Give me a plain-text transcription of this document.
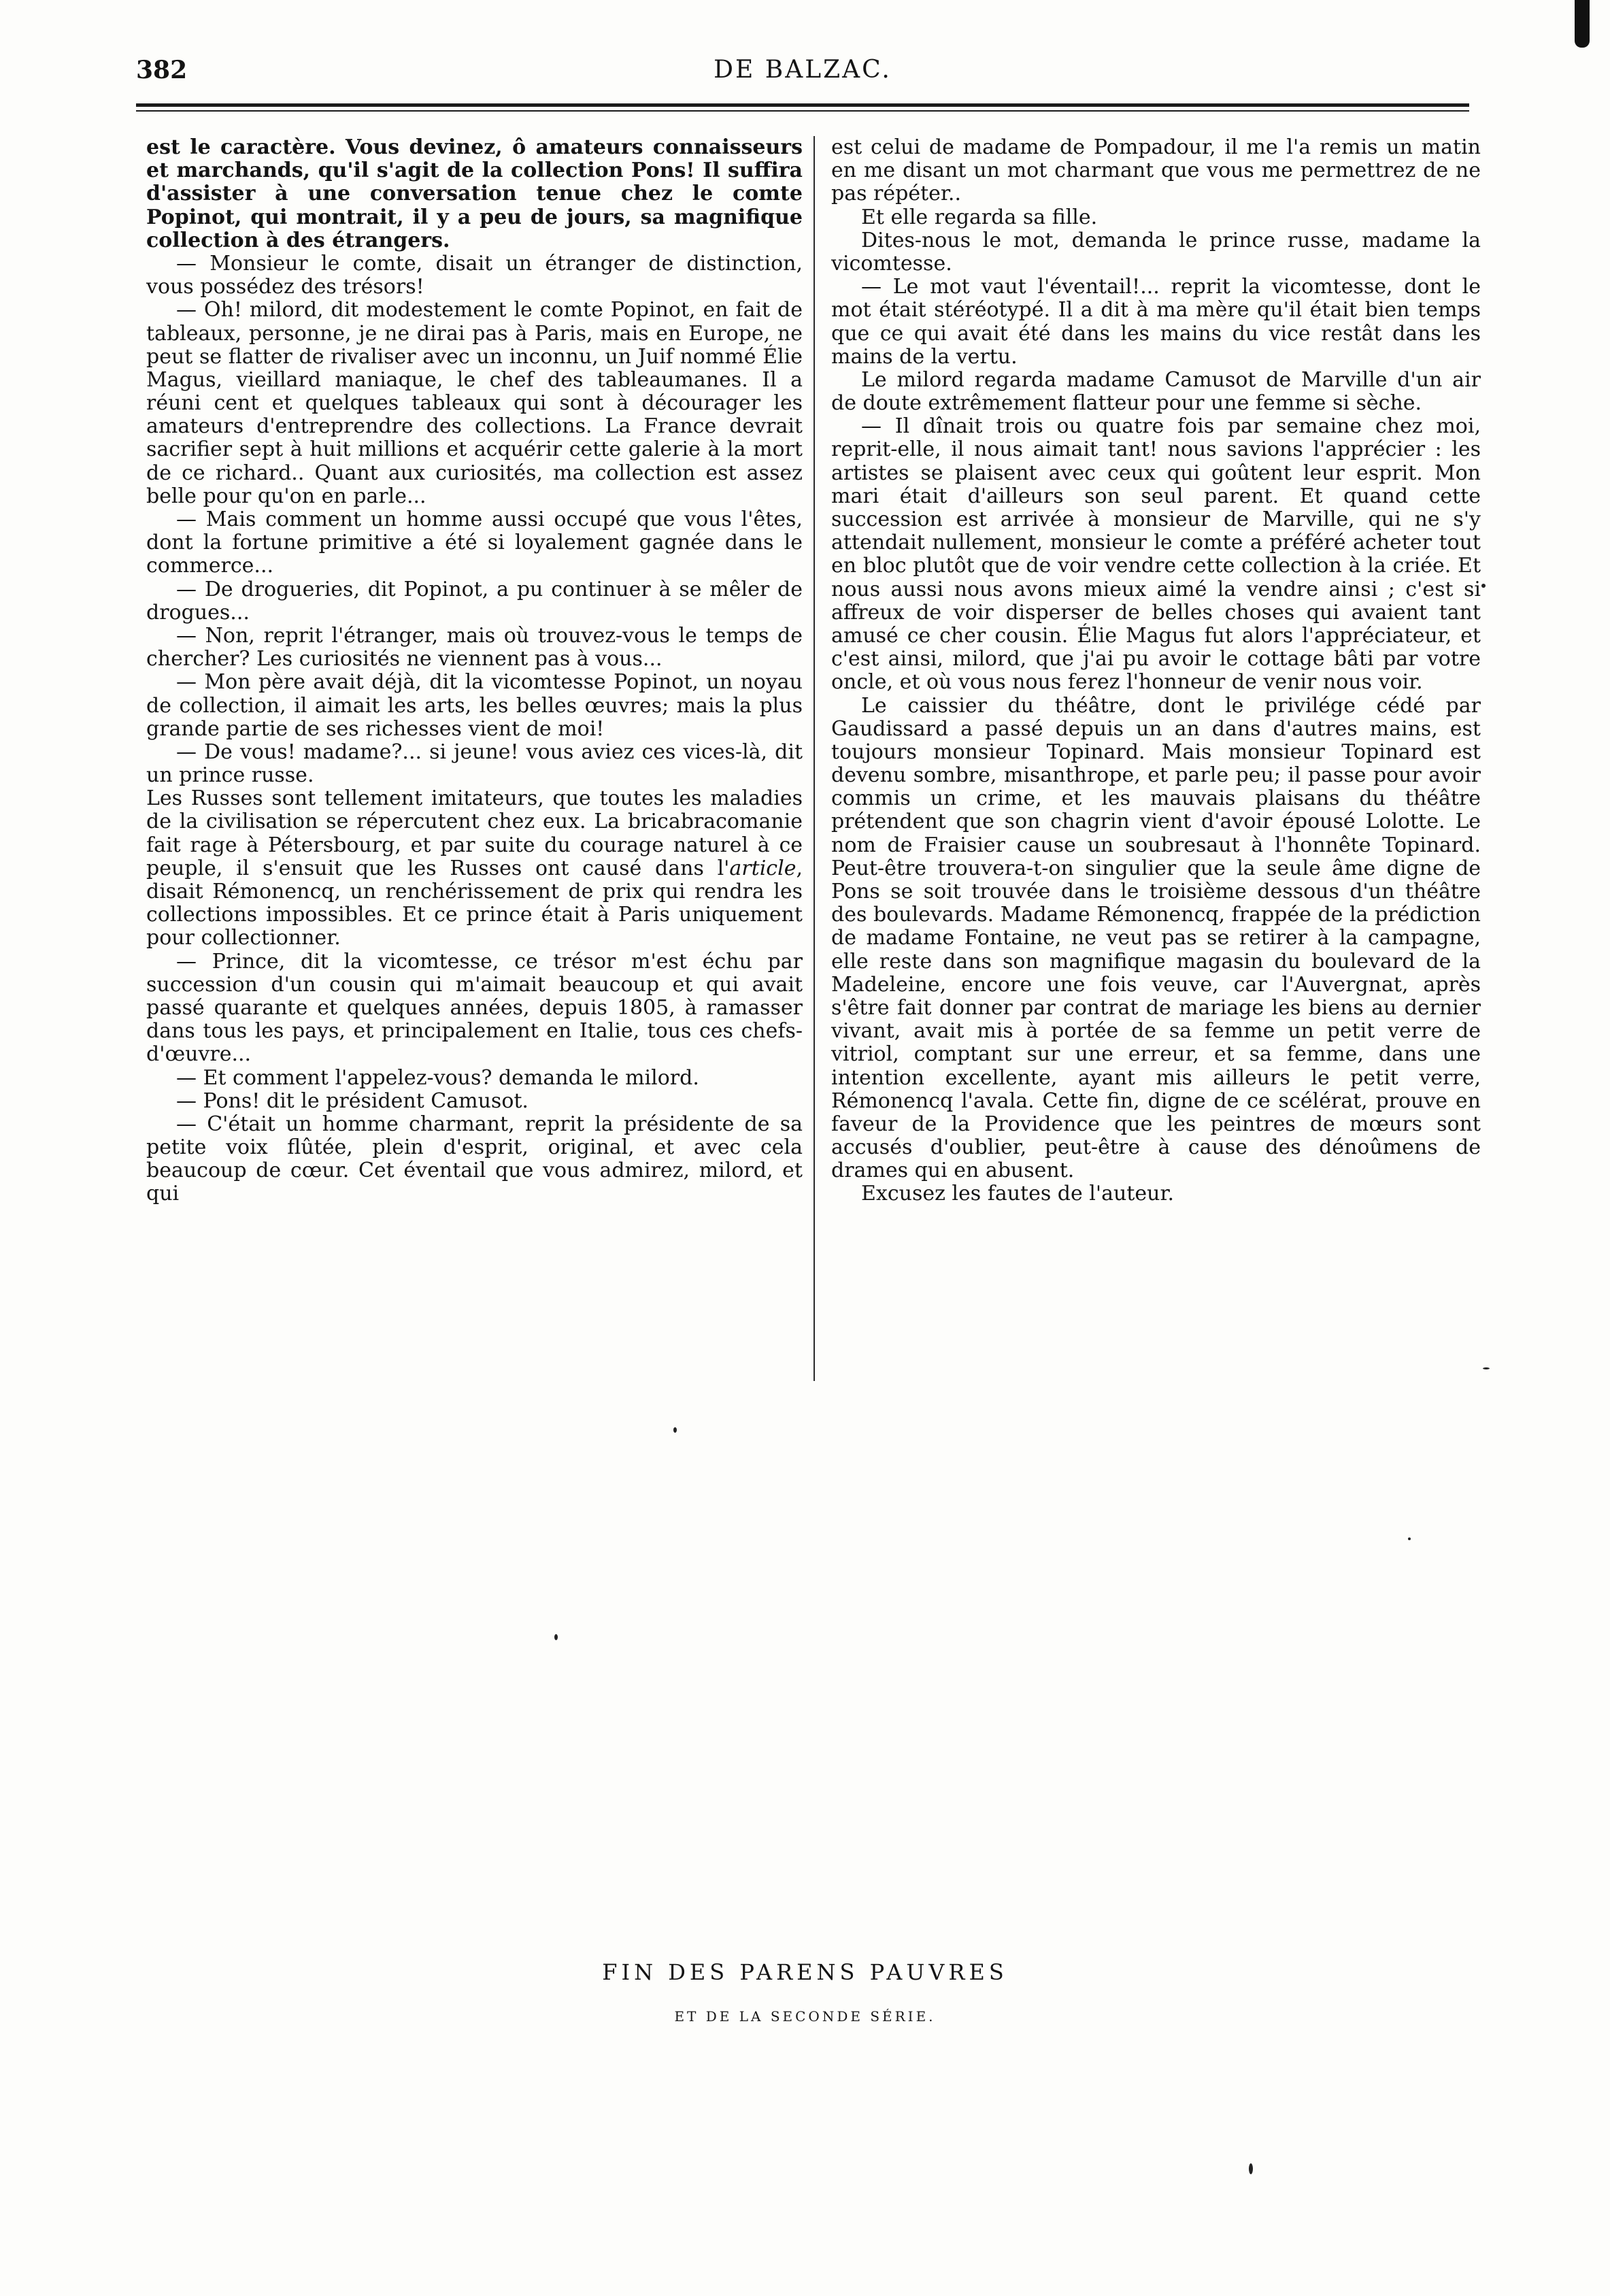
382	DE BALZAC.

est le caractère. Vous devinez, ô amateurs connaisseurs et marchands, qu'il s'agit de la collection Pons! Il suffira d'assister à une conversation tenue chez le comte Popinot, qui montrait, il y a peu de jours, sa magnifique collection à des étrangers.

— Monsieur le comte, disait un étranger de distinction, vous possédez des trésors!

— Oh! milord, dit modestement le comte Popinot, en fait de tableaux, personne, je ne dirai pas à Paris, mais en Europe, ne peut se flatter de rivaliser avec un inconnu, un Juif nommé Élie Magus, vieillard maniaque, le chef des tableaumanes. Il a réuni cent et quelques tableaux qui sont à décourager les amateurs d'entreprendre des collections. La France devrait sacrifier sept à huit millions et acquérir cette galerie à la mort de ce richard.. Quant aux curiosités, ma collection est assez belle pour qu'on en parle...

— Mais comment un homme aussi occupé que vous l'êtes, dont la fortune primitive a été si loyalement gagnée dans le commerce...

— De drogueries, dit Popinot, a pu continuer à se mêler de drogues...

— Non, reprit l'étranger, mais où trouvez-vous le temps de chercher? Les curiosités ne viennent pas à vous...

— Mon père avait déjà, dit la vicomtesse Popinot, un noyau de collection, il aimait les arts, les belles œuvres; mais la plus grande partie de ses richesses vient de moi!

— De vous! madame?... si jeune! vous aviez ces vices-là, dit un prince russe.

Les Russes sont tellement imitateurs, que toutes les maladies de la civilisation se répercutent chez eux. La bricabracomanie fait rage à Pétersbourg, et par suite du courage naturel à ce peuple, il s'ensuit que les Russes ont causé dans l'article, disait Rémonencq, un renchérissement de prix qui rendra les collections impossibles. Et ce prince était à Paris uniquement pour collectionner.

— Prince, dit la vicomtesse, ce trésor m'est échu par succession d'un cousin qui m'aimait beaucoup et qui avait passé quarante et quelques années, depuis 1805, à ramasser dans tous les pays, et principalement en Italie, tous ces chefs-d'œuvre...

— Et comment l'appelez-vous? demanda le milord.

— Pons! dit le président Camusot.

— C'était un homme charmant, reprit la présidente de sa petite voix flûtée, plein d'esprit, original, et avec cela beaucoup de cœur. Cet éventail que vous admirez, milord, et qui

est celui de madame de Pompadour, il me l'a remis un matin en me disant un mot charmant que vous me permettrez de ne pas répéter..

Et elle regarda sa fille.

Dites-nous le mot, demanda le prince russe, madame la vicomtesse.

— Le mot vaut l'éventail!... reprit la vicomtesse, dont le mot était stéréotypé. Il a dit à ma mère qu'il était bien temps que ce qui avait été dans les mains du vice restât dans les mains de la vertu.

Le milord regarda madame Camusot de Marville d'un air de doute extrêmement flatteur pour une femme si sèche.

— Il dînait trois ou quatre fois par semaine chez moi, reprit-elle, il nous aimait tant! nous savions l'apprécier : les artistes se plaisent avec ceux qui goûtent leur esprit. Mon mari était d'ailleurs son seul parent. Et quand cette succession est arrivée à monsieur de Marville, qui ne s'y attendait nullement, monsieur le comte a préféré acheter tout en bloc plutôt que de voir vendre cette collection à la criée. Et nous aussi nous avons mieux aimé la vendre ainsi ; c'est si affreux de voir disperser de belles choses qui avaient tant amusé ce cher cousin. Élie Magus fut alors l'appréciateur, et c'est ainsi, milord, que j'ai pu avoir le cottage bâti par votre oncle, et où vous nous ferez l'honneur de venir nous voir.

Le caissier du théâtre, dont le privilége cédé par Gaudissard a passé depuis un an dans d'autres mains, est toujours monsieur Topinard. Mais monsieur Topinard est devenu sombre, misanthrope, et parle peu; il passe pour avoir commis un crime, et les mauvais plaisans du théâtre prétendent que son chagrin vient d'avoir épousé Lolotte. Le nom de Fraisier cause un soubresaut à l'honnête Topinard. Peut-être trouvera-t-on singulier que la seule âme digne de Pons se soit trouvée dans le troisième dessous d'un théâtre des boulevards. Madame Rémonencq, frappée de la prédiction de madame Fontaine, ne veut pas se retirer à la campagne, elle reste dans son magnifique magasin du boulevard de la Madeleine, encore une fois veuve, car l'Auvergnat, après s'être fait donner par contrat de mariage les biens au dernier vivant, avait mis à portée de sa femme un petit verre de vitriol, comptant sur une erreur, et sa femme, dans une intention excellente, ayant mis ailleurs le petit verre, Rémonencq l'avala. Cette fin, digne de ce scélérat, prouve en faveur de la Providence que les peintres de mœurs sont accusés d'oublier, peut-être à cause des dénoûmens de drames qui en abusent.

Excusez les fautes de l'auteur.

FIN DES PARENS PAUVRES
ET DE LA SECONDE SÉRIE.
